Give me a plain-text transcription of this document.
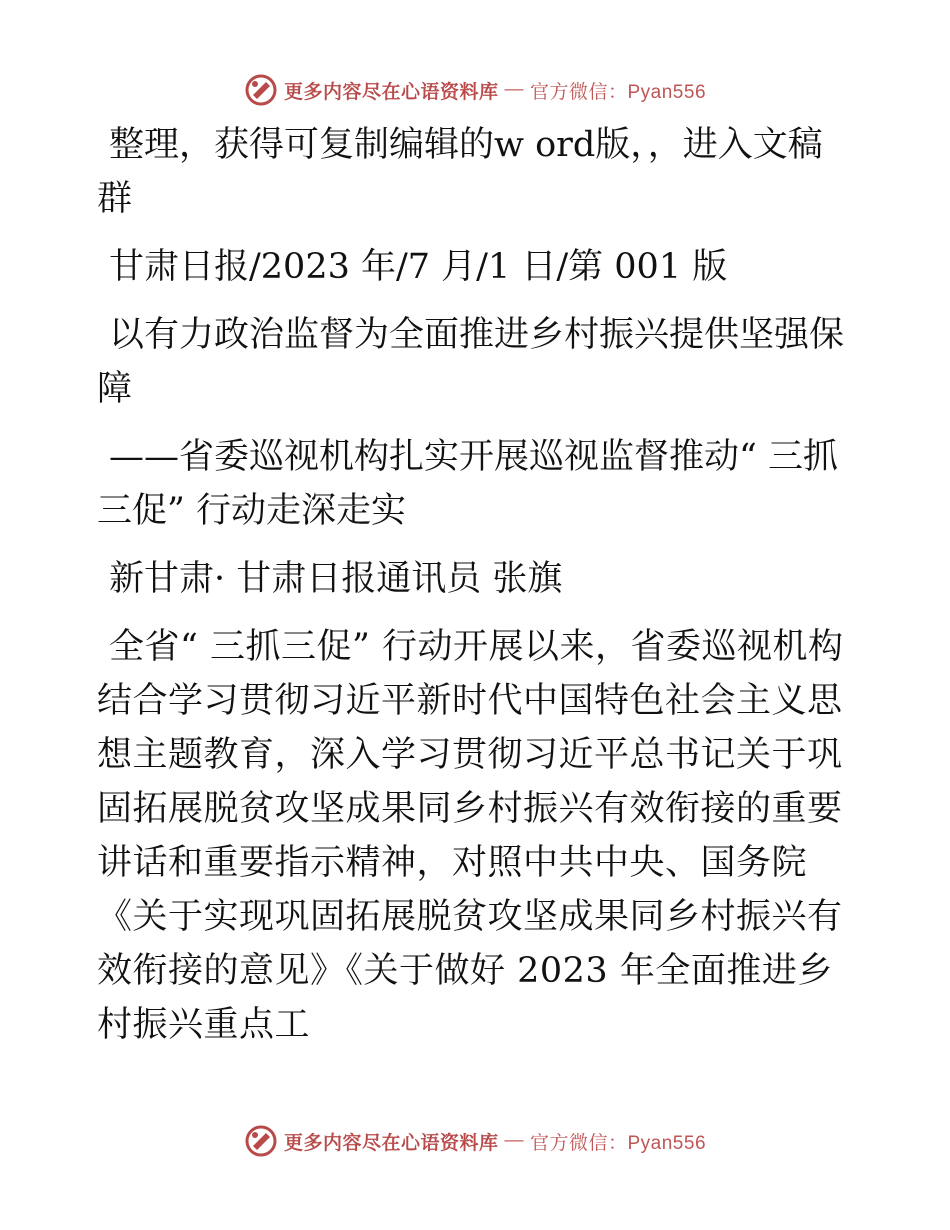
更多内容尽在心语资料库 — 官方微信：Pyan556

整理，获得可复制编辑的w ord版，，进入文稿群

甘肃日报/2023 年/7 月/1 日/第 001 版

以有力政治监督为全面推进乡村振兴提供坚强保障

——省委巡视机构扎实开展巡视监督推动“ 三抓三促” 行动走深走实

新甘肃· 甘肃日报通讯员 张旗

全省“ 三抓三促” 行动开展以来，省委巡视机构结合学习贯彻习近平新时代中国特色社会主义思想主题教育，深入学习贯彻习近平总书记关于巩固拓展脱贫攻坚成果同乡村振兴有效衔接的重要讲话和重要指示精神，对照中共中央、国务院《关于实现巩固拓展脱贫攻坚成果同乡村振兴有效衔接的意见》《关于做好 2023 年全面推进乡村振兴重点工

更多内容尽在心语资料库 — 官方微信：Pyan556
